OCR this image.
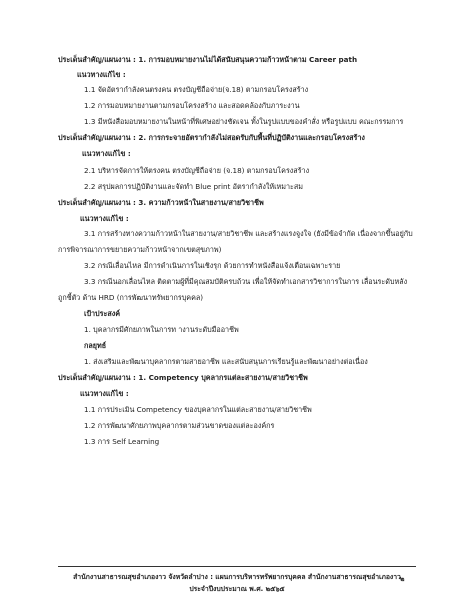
ประเด็นสำคัญ/แผนงาน : 1. การมอบหมายงานไม่ได้สนับสนุนความก้าวหน้าตาม Career path
แนวทางแก้ไข :
1.1 จัดอัตรากำลังคนตรงคน ตรงบัญชีถือจ่าย(จ.18) ตามกรอบโครงสร้าง
1.2 การมอบหมายงานตามกรอบโครงสร้าง และสอดคล้องกับภาระงาน
1.3 มีหนังสือมอบหมายงานในหน้าที่พิเศษอย่างชัดเจน ทั้งในรูปแบบของคำสั่ง หรือรูปแบบ คณะกรรมการ
ประเด็นสำคัญ/แผนงาน : 2. การกระจายอัตรากำลังไม่สอดรับกับพื้นที่ปฏิบัติงานและกรอบโครงสร้าง
แนวทางแก้ไข :
2.1 บริหารจัดการให้ตรงคน ตรงบัญชีถือจ่าย (จ.18) ตามกรอบโครงสร้าง
2.2 สรุปผลการปฏิบัติงานและจัดทำ Blue print อัตรากำลังให้เหมาะสม
ประเด็นสำคัญ/แผนงาน : 3. ความก้าวหน้าในสายงาน/สายวิชาชีพ
แนวทางแก้ไข :
3.1 การสร้างทางความก้าวหน้าในสายงาน/สายวิชาชีพ และสร้างแรงจูงใจ (ยังมีข้อจำกัด เนื่องจากขึ้นอยู่กับ
การพิจารณาการขยายความก้าวหน้าจากเขตสุขภาพ)
3.2 กรณีเลื่อนไหล มีการดำเนินการในเชิงรุก ด้วยการทำหนังสือแจ้งเตือนเฉพาะราย
3.3 กรณีนอกเลื่อนไหล ติดตามผู้ที่มีคุณสมบัติครบถ้วน เพื่อให้จัดทำเอกสารวิชาการในการ เลื่อนระดับหลัง
ถูกชี้ตัว ด้าน HRD (การพัฒนาทรัพยากรบุคคล)
เป้าประสงค์
1. บุคลากรมีศักยภาพในการท างานระดับมืออาชีพ
กลยุทธ์
1. ส่งเสริมและพัฒนาบุคลากรตามสายอาชีพ และสนับสนุนการเรียนรู้และพัฒนาอย่างต่อเนื่อง
ประเด็นสำคัญ/แผนงาน : 1. Competency บุคลากรแต่ละสายงาน/สายวิชาชีพ
แนวทางแก้ไข :
1.1 การประเมิน Competency ของบุคลากรในแต่ละสายงาน/สายวิชาชีพ
1.2 การพัฒนาศักยภาพบุคลากรตามส่วนขาดของแต่ละองค์กร
1.3 การ Self Learning
สำนักงานสาธารณสุขอำเภองาว จังหวัดลำปาง : แผนการบริหารทรัพยากรบุคคล สำนักงานสาธารณสุขอำเภองาว
ประจำปีงบประมาณ พ.ศ. ๒๕๖๕
๒
